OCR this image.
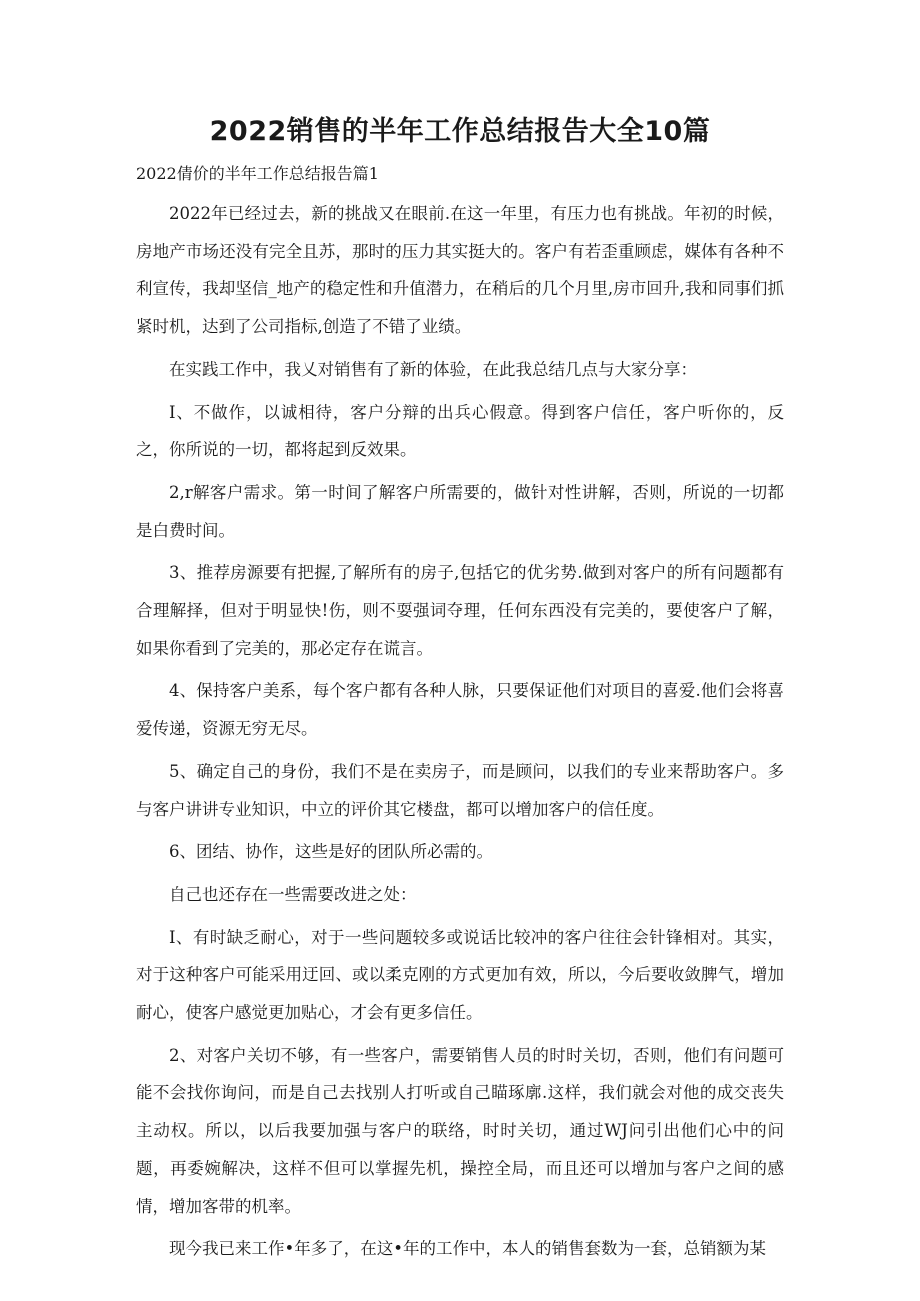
2022销售的半年工作总结报告大全10篇

2022倩价的半年工作总结报告篇1

2022年已经过去，新的挑战又在眼前.在这一年里，有压力也有挑战。年初的时候，房地产市场还没有完全且苏，那时的压力其实挺大的。客户有若歪重顾虑，媒体有各种不利宣传，我却坚信_地产的稳定性和升值潜力，在稍后的几个月里,房市回升,我和同事们抓紧时机，达到了公司指标,创造了不错了业绩。

在实践工作中，我乂对销售有了新的体验，在此我总结几点与大家分享：

I、不做作，以诚相待，客户分辩的出兵心假意。得到客户信任，客户听你的，反之，你所说的一切，都将起到反效果。

2,r解客户需求。第一时间了解客户所需要的，做针对性讲解，否则，所说的一切都是白费时间。

3、推荐房源要有把握,了解所有的房子,包括它的优劣势.做到对客户的所有问题都有合理解择，但对于明显快!伤，则不耍强词夺理，任何东西没有完美的，要使客户了解，如果你看到了完美的，那必定存在谎言。

4、保持客户美系，每个客户都有各种人脉，只要保证他们对项目的喜爱.他们会将喜爱传递，资源无穷无尽。

5、确定自己的身份，我们不是在卖房子，而是顾问，以我们的专业来帮助客户。多与客户讲讲专业知识，中立的评价其它楼盘，都可以增加客户的信任度。

6、团结、协作，这些是好的团队所必需的。

自己也还存在一些需要改进之处：

I、有时缺乏耐心，对于一些问题较多或说话比较冲的客户往往会针锋相对。其实，对于这种客户可能采用迂回、或以柔克刚的方式更加有效，所以，今后要收敛脾气，增加耐心，使客户感觉更加贴心，才会有更多信任。

2、对客户关切不够，有一些客户，需要销售人员的时时关切，否则，他们有问题可能不会找你询问，而是自己去找别人打听或自己瞄琢廓.这样，我们就会对他的成交丧失主动权。所以，以后我要加强与客户的联络，时时关切，通过WJ问引出他们心中的问题，再委婉解决，这样不但可以掌握先机，操控全局，而且还可以增加与客户之间的感情，增加客带的机率。

现今我已来工作•年多了，在这•年的工作中，本人的销售套数为一套，总销额为某
